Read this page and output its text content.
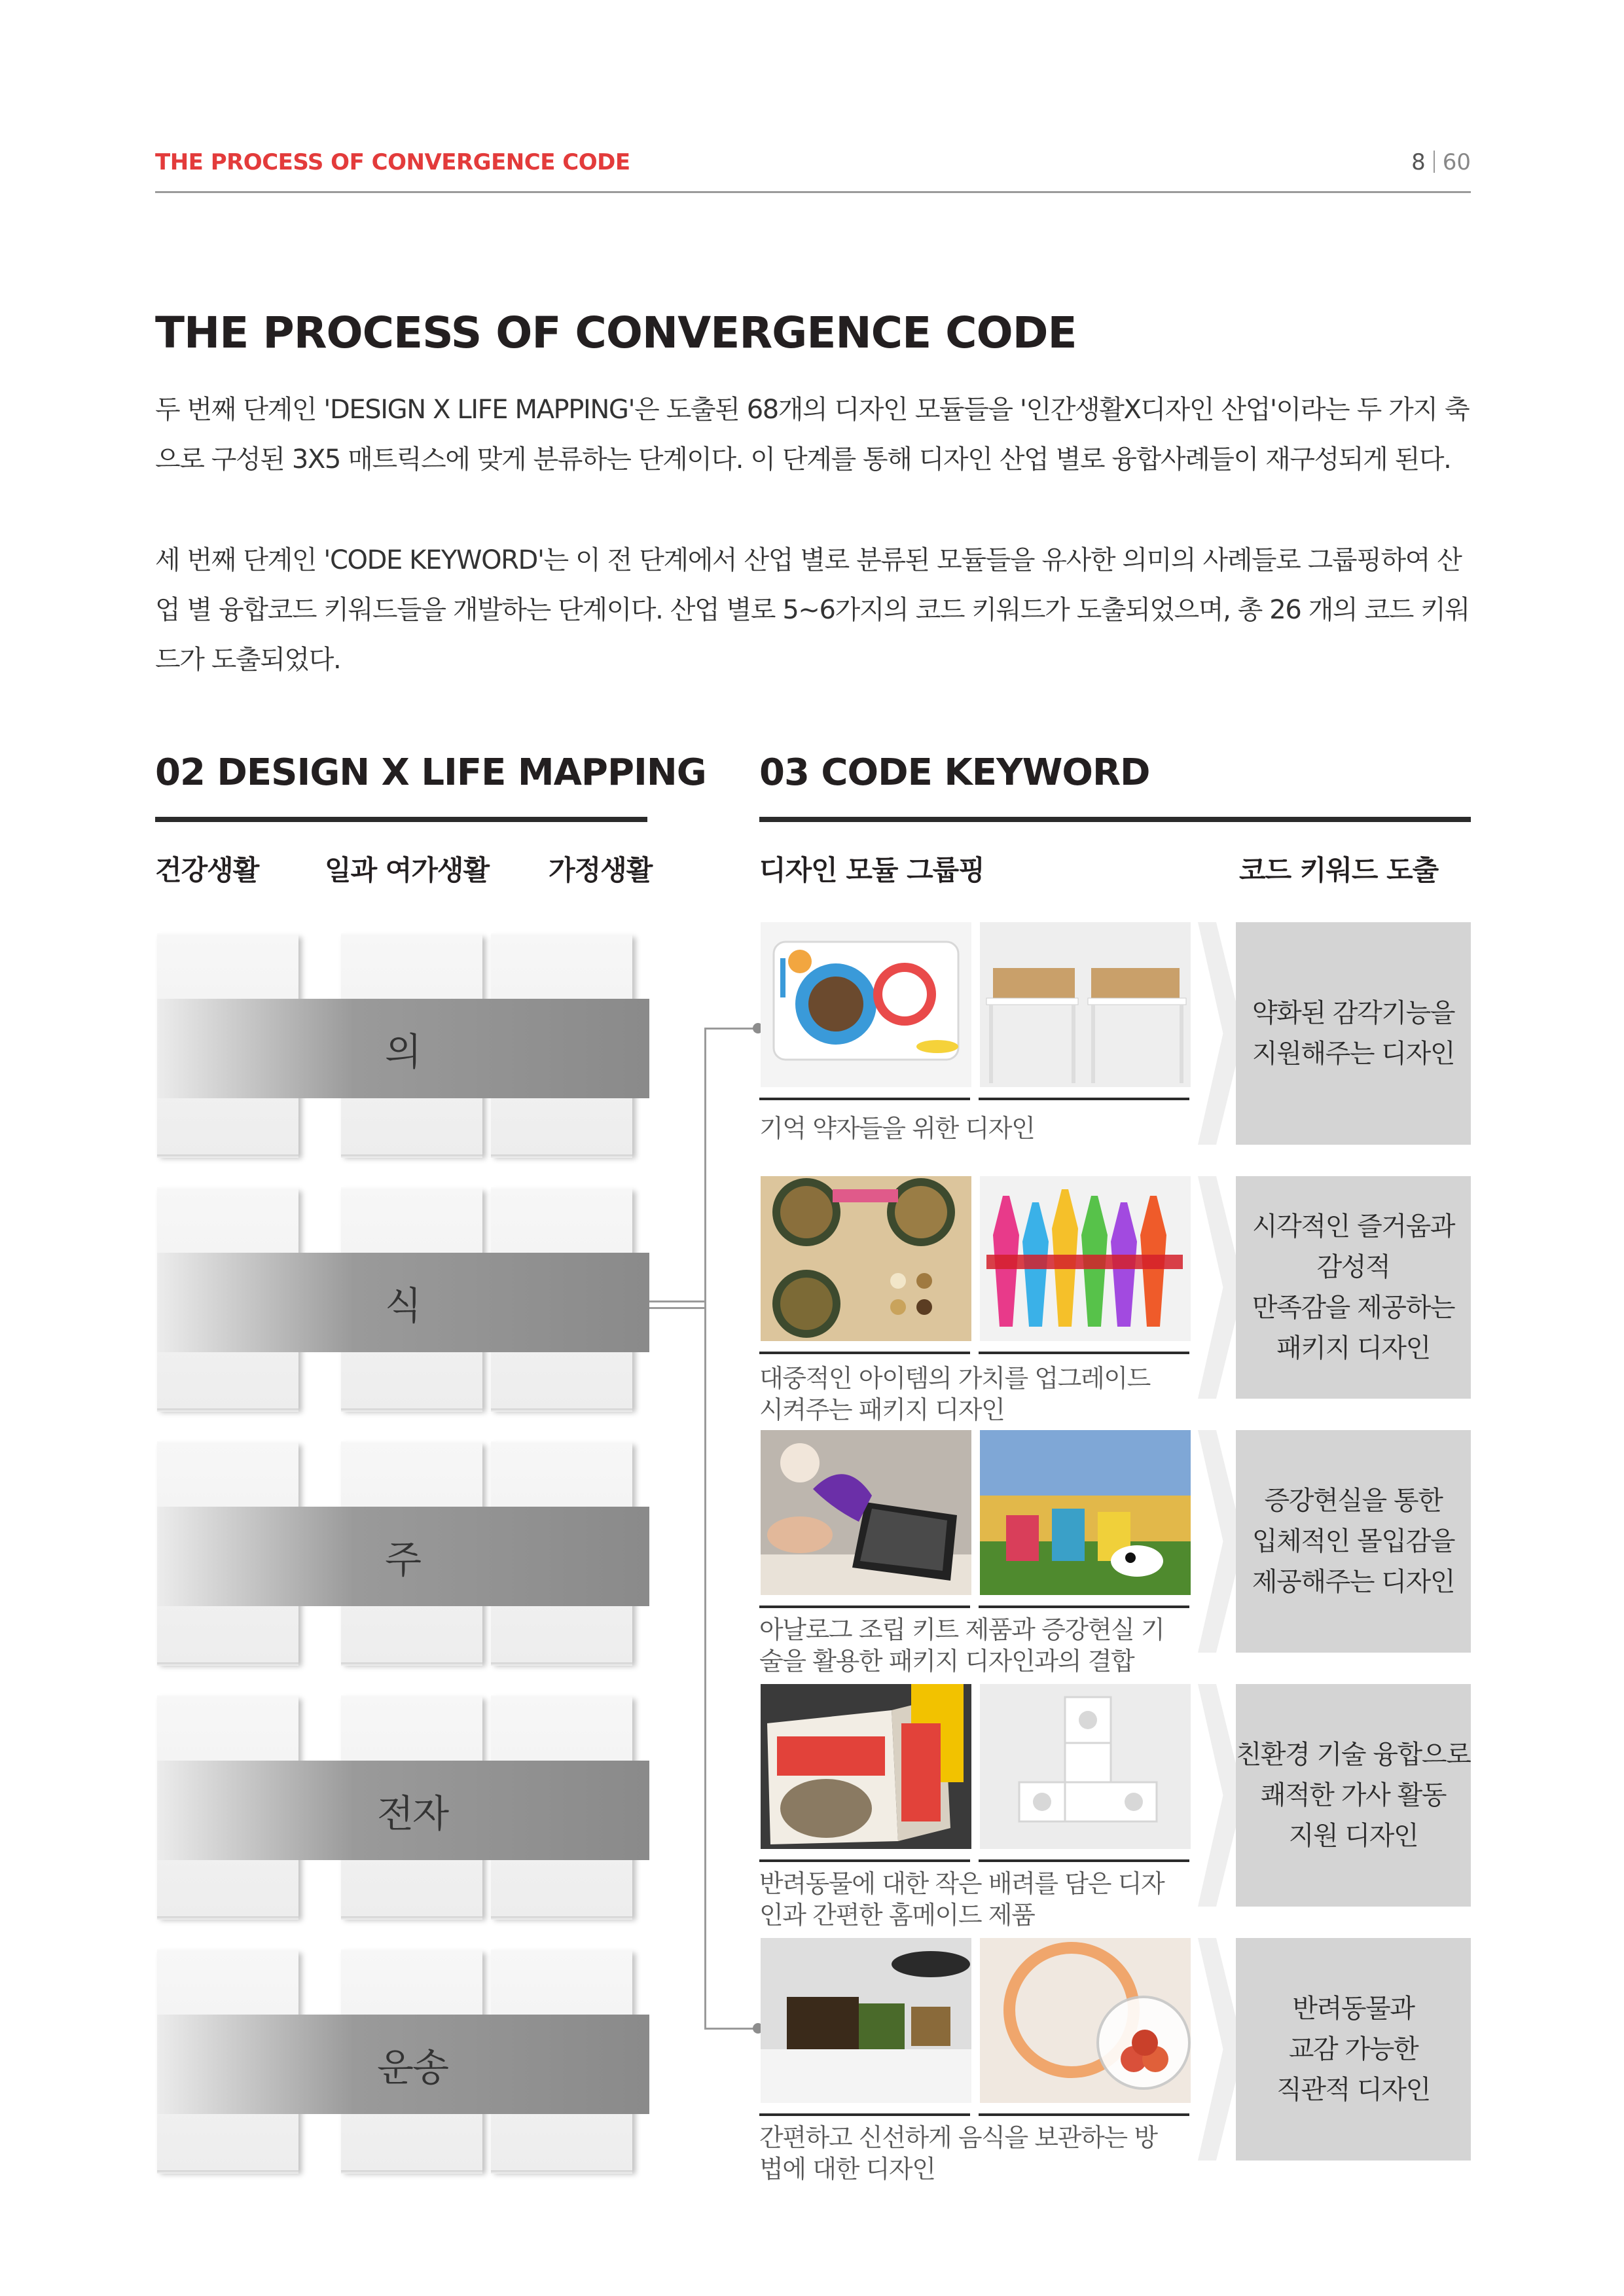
THE PROCESS OF CONVERGENCE CODE	8 60
THE PROCESS OF CONVERGENCE CODE
두 번째 단계인 'DESIGN X LIFE MAPPING'은 도출된 68개의 디자인 모듈들을 '인간생활X디자인 산업'이라는 두 가지 축으로 구성된 3X5 매트릭스에 맞게 분류하는 단계이다. 이 단계를 통해 디자인 산업 별로 융합사례들이 재구성되게 된다.
세 번째 단계인 'CODE KEYWORD'는 이 전 단계에서 산업 별로 분류된 모듈들을 유사한 의미의 사례들로 그룹핑하여 산업 별 융합코드 키워드들을 개발하는 단계이다. 산업 별로 5~6가지의 코드 키워드가 도출되었으며, 총 26 개의 코드 키워드가 도출되었다.
02 DESIGN X LIFE MAPPING
건강생활 일과 여가생활 가정생활
03 CODE KEYWORD
디자인 모듈 그룹핑	코드 키워드 도출
의
식
주
전자
운송
기억 약자들을 위한 디자인
약화된 감각기능을
지원해주는 디자인
대중적인 아이템의 가치를 업그레이드 시켜주는 패키지 디자인
시각적인 즐거움과
감성적
만족감을 제공하는
패키지 디자인
아날로그 조립 키트 제품과 증강현실 기술을 활용한 패키지 디자인과의 결합
증강현실을 통한
입체적인 몰입감을
제공해주는 디자인
반려동물에 대한 작은 배려를 담은 디자인과 간편한 홈메이드 제품
친환경 기술 융합으로
쾌적한 가사 활동
지원 디자인
간편하고 신선하게 음식을 보관하는 방법에 대한 디자인
반려동물과
교감 가능한
직관적 디자인
